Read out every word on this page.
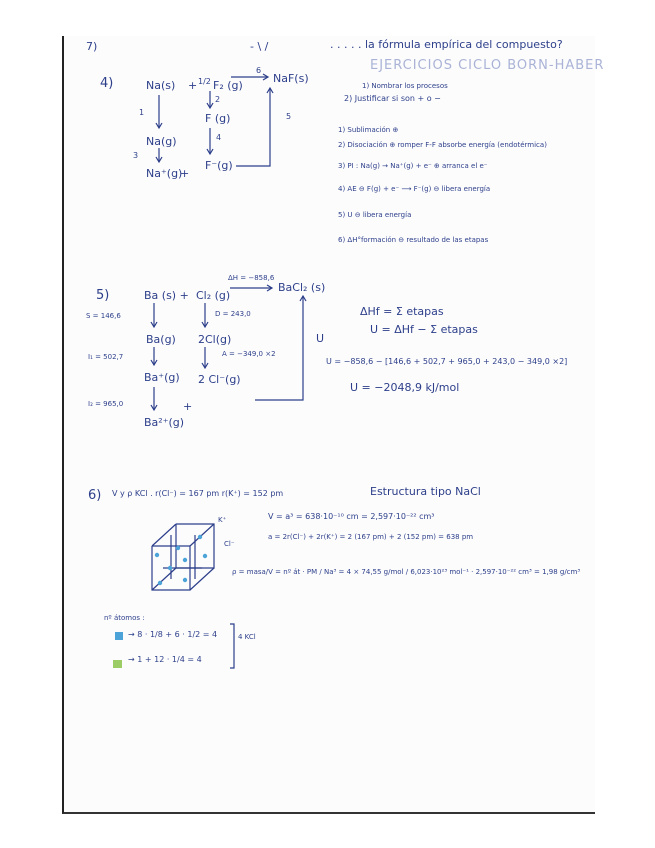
7)	- \ /	. . . . . la fórmula empírica del compuesto?
EJERCICIOS CICLO BORN-HABER
4)	Na(s) + 1/2 F₂ (g)
6
NaF(s)
1
2
F (g)	5
Na(g)	4
3
Na⁺(g)
+
F⁻(g)
1) Nombrar los procesos
2) Justificar si son + o −
1) Sublimación ⊕
2) Disociación ⊕ romper F-F absorbe energía (endotérmica)
3) PI : Na(g) → Na⁺(g) + e⁻ ⊕ arranca el e⁻
4) AE ⊖ F(g) + e⁻ ⟶ F⁻(g) ⊖ libera energía
5) U ⊖ libera energía
6) ΔH°formación ⊖ resultado de las etapas
5)	Ba (s) + Cl₂ (g)
ΔH = −858,6
BaCl₂ (s)
S = 146,6	D = 243,0
Ba(g) 2Cl(g)	U
A = −349,0 ×2
I₁ = 502,7
Ba⁺(g) 2 Cl⁻(g)
I₂ = 965,0	+
Ba²⁺(g)
ΔHf = Σ etapas
U = ΔHf − Σ etapas
U = −858,6 − [146,6 + 502,7 + 965,0 + 243,0 − 349,0 ×2]
U = −2048,9 kJ/mol
6) V y ρ KCl . r(Cl⁻) = 167 pm r(K⁺) = 152 pm	Estructura tipo NaCl
V = a³ = 638·10⁻¹⁰ cm = 2,597·10⁻²² cm³
a = 2r(Cl⁻) + 2r(K⁺) = 2 (167 pm) + 2 (152 pm) = 638 pm
ρ = masa/V = nº át · PM / Na³ = 4 × 74,55 g/mol / 6,023·10²³ mol⁻¹ · 2,597·10⁻²² cm³ = 1,98 g/cm³
K⁺
Cl⁻
nº átomos :
→ 8 · 1/8 + 6 · 1/2 = 4
→ 1 + 12 · 1/4 = 4
4 KCl
